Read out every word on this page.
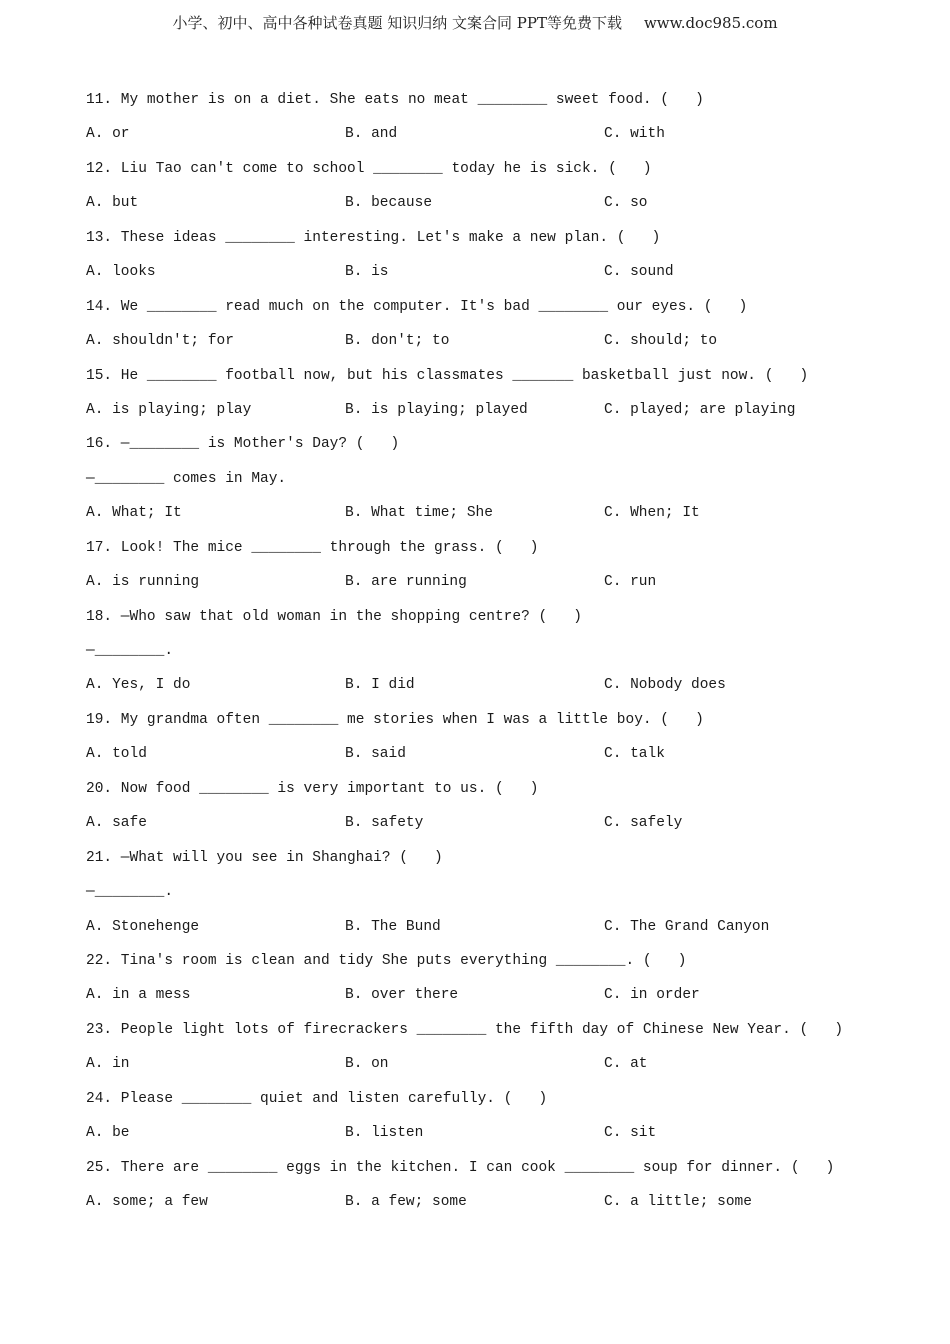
小学、初中、高中各种试卷真题 知识归纳 文案合同 PPT等免费下载 www.doc985.com
11. My mother is on a diet. She eats no meat ________ sweet food. (   )
A. or	B. and	C. with
12. Liu Tao can't come to school ________ today he is sick. (   )
A. but	B. because	C. so
13. These ideas ________ interesting. Let's make a new plan. (   )
A. looks	B. is	C. sound
14. We ________ read much on the computer. It's bad ________ our eyes. (   )
A. shouldn't; for	B. don't; to	C. should; to
15. He ________ football now, but his classmates _______ basketball just now. (   )
A. is playing; play	B. is playing; played	C. played; are playing
16. —________ is Mother's Day? (   )
—________ comes in May.
A. What; It	B. What time; She	C. When; It
17. Look! The mice ________ through the grass. (   )
A. is running	B. are running	C. run
18. —Who saw that old woman in the shopping centre? (   )
—________.
A. Yes, I do	B. I did	C. Nobody does
19. My grandma often ________ me stories when I was a little boy. (   )
A. told	B. said	C. talk
20. Now food ________ is very important to us. (   )
A. safe	B. safety	C. safely
21. —What will you see in Shanghai? (   )
—________.
A. Stonehenge	B. The Bund	C. The Grand Canyon
22. Tina's room is clean and tidy She puts everything ________. (   )
A. in a mess	B. over there	C. in order
23. People light lots of firecrackers ________ the fifth day of Chinese New Year. (   )
A. in	B. on	C. at
24. Please ________ quiet and listen carefully. (   )
A. be	B. listen	C. sit
25. There are ________ eggs in the kitchen. I can cook ________ soup for dinner. (   )
A. some; a few	B. a few; some	C. a little; some
